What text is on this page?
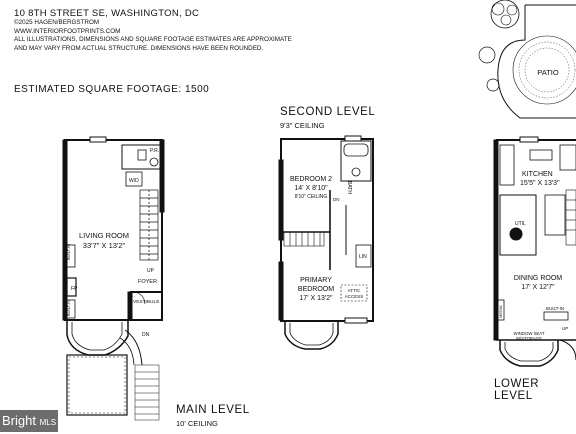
10 8TH STREET SE, WASHINGTON, DC
©2025 HAGEN/BERGSTROM
WWW.INTERIORFOOTPRINTS.COM
ALL ILLUSTRATIONS, DIMENSIONS AND SQUARE FOOTAGE ESTIMATES ARE APPROXIMATE
AND MAY VARY FROM ACTUAL STRUCTURE. DIMENSIONS HAVE BEEN ROUNDED.
ESTIMATED SQUARE FOOTAGE: 1500
LIVING ROOM
33'7" X 13'2"
P.R.
W/D
FOYER
VESTIBULE
UP
DN
FP
BUILT-IN
BUILT-IN
BEDROOM 2
14' X 8'10"
8'10" CEILING
PRIMARY
BEDROOM
17' X 13'2"
BATH
LIN
ATTIC
ACCESS
DN
PATIO
KITCHEN
15'5" X 13'3"
UTIL
DINING ROOM
17' X 12'7"
WINDOW SEAT
W/STORAGE
BUILT-IN
MEDIA
UP
SECOND LEVEL
9'3" CEILING
MAIN LEVEL
10' CEILING
LOWER LEVEL
Bright MLS
